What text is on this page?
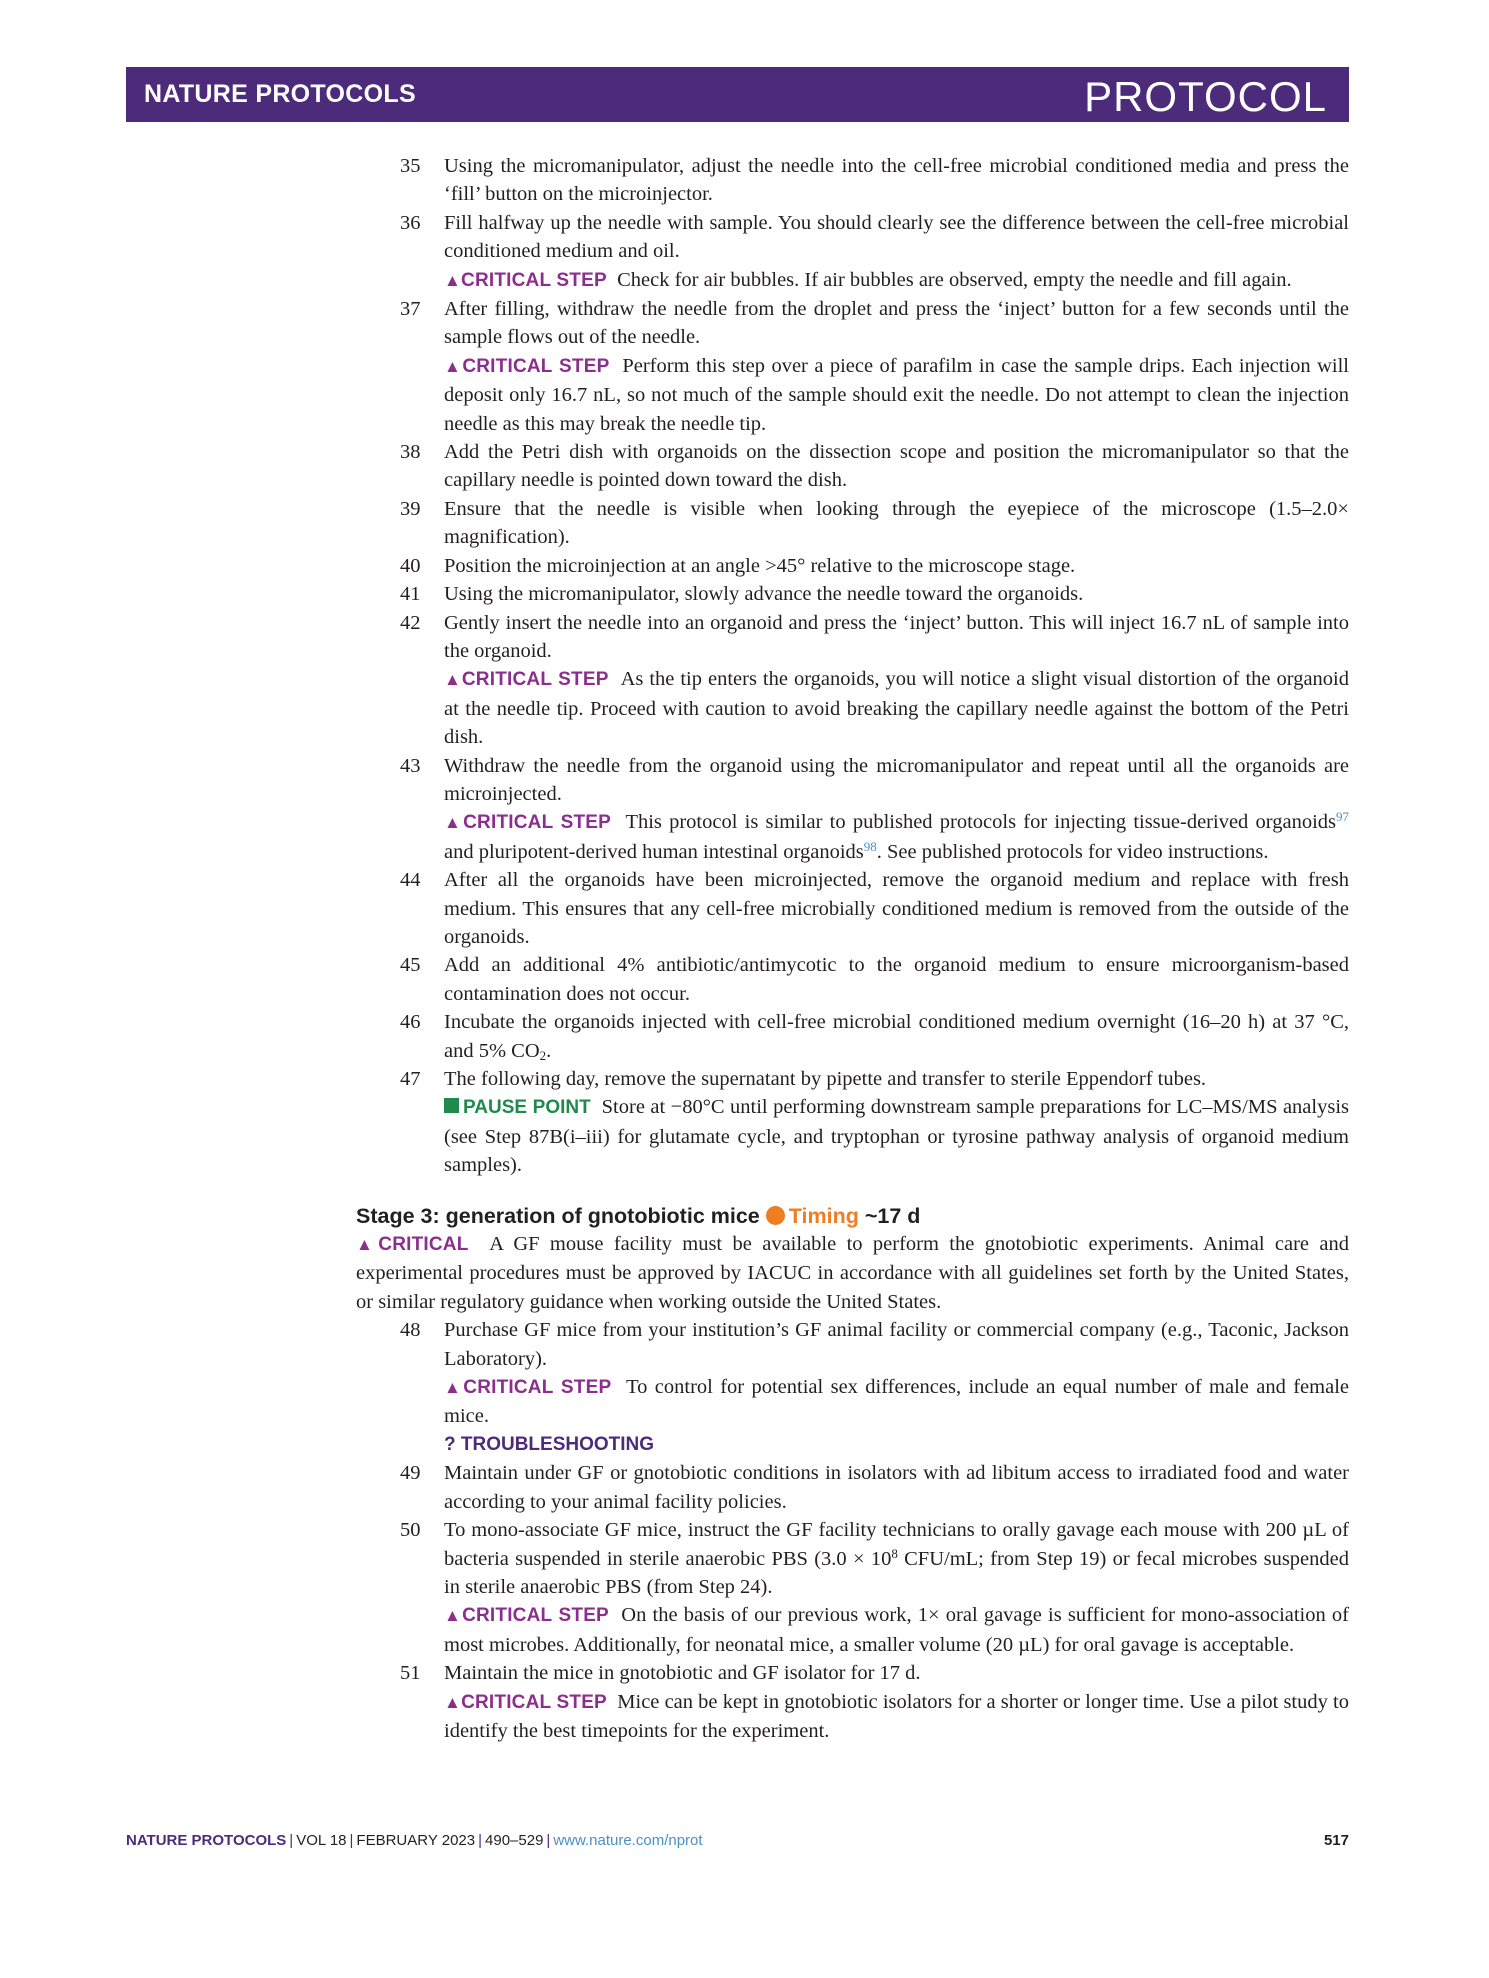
NATURE PROTOCOLS	PROTOCOL
35 Using the micromanipulator, adjust the needle into the cell-free microbial conditioned media and press the ‘fill’ button on the microinjector.
36 Fill halfway up the needle with sample. You should clearly see the difference between the cell-free microbial conditioned medium and oil.
▲CRITICAL STEP Check for air bubbles. If air bubbles are observed, empty the needle and fill again.
37 After filling, withdraw the needle from the droplet and press the ‘inject’ button for a few seconds until the sample flows out of the needle.
▲CRITICAL STEP Perform this step over a piece of parafilm in case the sample drips. Each injection will deposit only 16.7 nL, so not much of the sample should exit the needle. Do not attempt to clean the injection needle as this may break the needle tip.
38 Add the Petri dish with organoids on the dissection scope and position the micromanipulator so that the capillary needle is pointed down toward the dish.
39 Ensure that the needle is visible when looking through the eyepiece of the microscope (1.5–2.0× magnification).
40 Position the microinjection at an angle >45° relative to the microscope stage.
41 Using the micromanipulator, slowly advance the needle toward the organoids.
42 Gently insert the needle into an organoid and press the ‘inject’ button. This will inject 16.7 nL of sample into the organoid.
▲CRITICAL STEP As the tip enters the organoids, you will notice a slight visual distortion of the organoid at the needle tip. Proceed with caution to avoid breaking the capillary needle against the bottom of the Petri dish.
43 Withdraw the needle from the organoid using the micromanipulator and repeat until all the organoids are microinjected.
▲CRITICAL STEP This protocol is similar to published protocols for injecting tissue-derived organoids$^{97}$ and pluripotent-derived human intestinal organoids$^{98}$. See published protocols for video instructions.
44 After all the organoids have been microinjected, remove the organoid medium and replace with fresh medium. This ensures that any cell-free microbially conditioned medium is removed from the outside of the organoids.
45 Add an additional 4% antibiotic/antimycotic to the organoid medium to ensure microorganism-based contamination does not occur.
46 Incubate the organoids injected with cell-free microbial conditioned medium overnight (16–20 h) at 37 °C, and 5% $CO_2$.
47 The following day, remove the supernatant by pipette and transfer to sterile Eppendorf tubes.
PAUSE POINT Store at −80°C until performing downstream sample preparations for LC–MS/MS analysis (see Step 87B(i–iii) for glutamate cycle, and tryptophan or tyrosine pathway analysis of organoid medium samples).
Stage 3: generation of gnotobiotic mice Timing ~17 d
▲CRITICAL A GF mouse facility must be available to perform the gnotobiotic experiments. Animal care and experimental procedures must be approved by IACUC in accordance with all guidelines set forth by the United States, or similar regulatory guidance when working outside the United States.
48 Purchase GF mice from your institution’s GF animal facility or commercial company (e.g., Taconic, Jackson Laboratory).
▲CRITICAL STEP To control for potential sex differences, include an equal number of male and female mice.
? TROUBLESHOOTING
49 Maintain under GF or gnotobiotic conditions in isolators with ad libitum access to irradiated food and water according to your animal facility policies.
50 To mono-associate GF mice, instruct the GF facility technicians to orally gavage each mouse with 200 µL of bacteria suspended in sterile anaerobic PBS ($3.0 \times 10^8$ CFU/mL; from Step 19) or fecal microbes suspended in sterile anaerobic PBS (from Step 24).
▲CRITICAL STEP On the basis of our previous work, 1× oral gavage is sufficient for mono-association of most microbes. Additionally, for neonatal mice, a smaller volume (20 µL) for oral gavage is acceptable.
51 Maintain the mice in gnotobiotic and GF isolator for 17 d.
▲CRITICAL STEP Mice can be kept in gnotobiotic isolators for a shorter or longer time. Use a pilot study to identify the best timepoints for the experiment.
NATURE PROTOCOLS | VOL 18 | FEBRUARY 2023 | 490–529 | www.nature.com/nprot	517
